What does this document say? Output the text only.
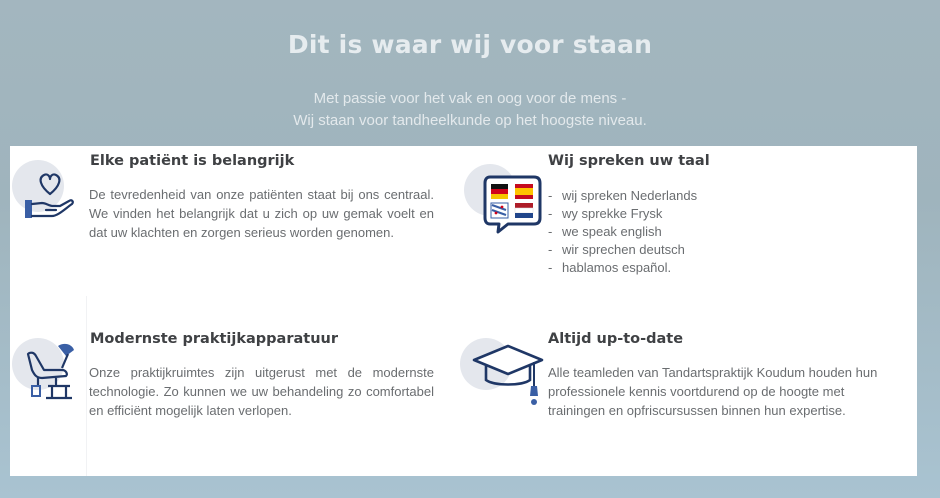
Dit is waar wij voor staan
Met passie voor het vak en oog voor de mens -
Wij staan voor tandheelkunde op het hoogste niveau.
Elke patiënt is belangrijk

De tevredenheid van onze patiënten staat bij ons centraal. We vinden het belangrijk dat u zich op uw gemak voelt en dat uw klachten en zorgen serieus worden genomen.

Wij spreken uw taal
- wij spreken Nederlands
- wy sprekke Frysk
- we speak english
- wir sprechen deutsch
- hablamos español.
Modernste praktijkapparatuur

Onze praktijkruimtes zijn uitgerust met de modernste technologie. Zo kunnen we uw behandeling zo comfortabel en efficiënt mogelijk laten verlopen.

Altijd up-to-date

Alle teamleden van Tandartspraktijk Koudum houden hun
professionele kennis voortdurend op de hoogte met
trainingen en opfriscursussen binnen hun expertise.
